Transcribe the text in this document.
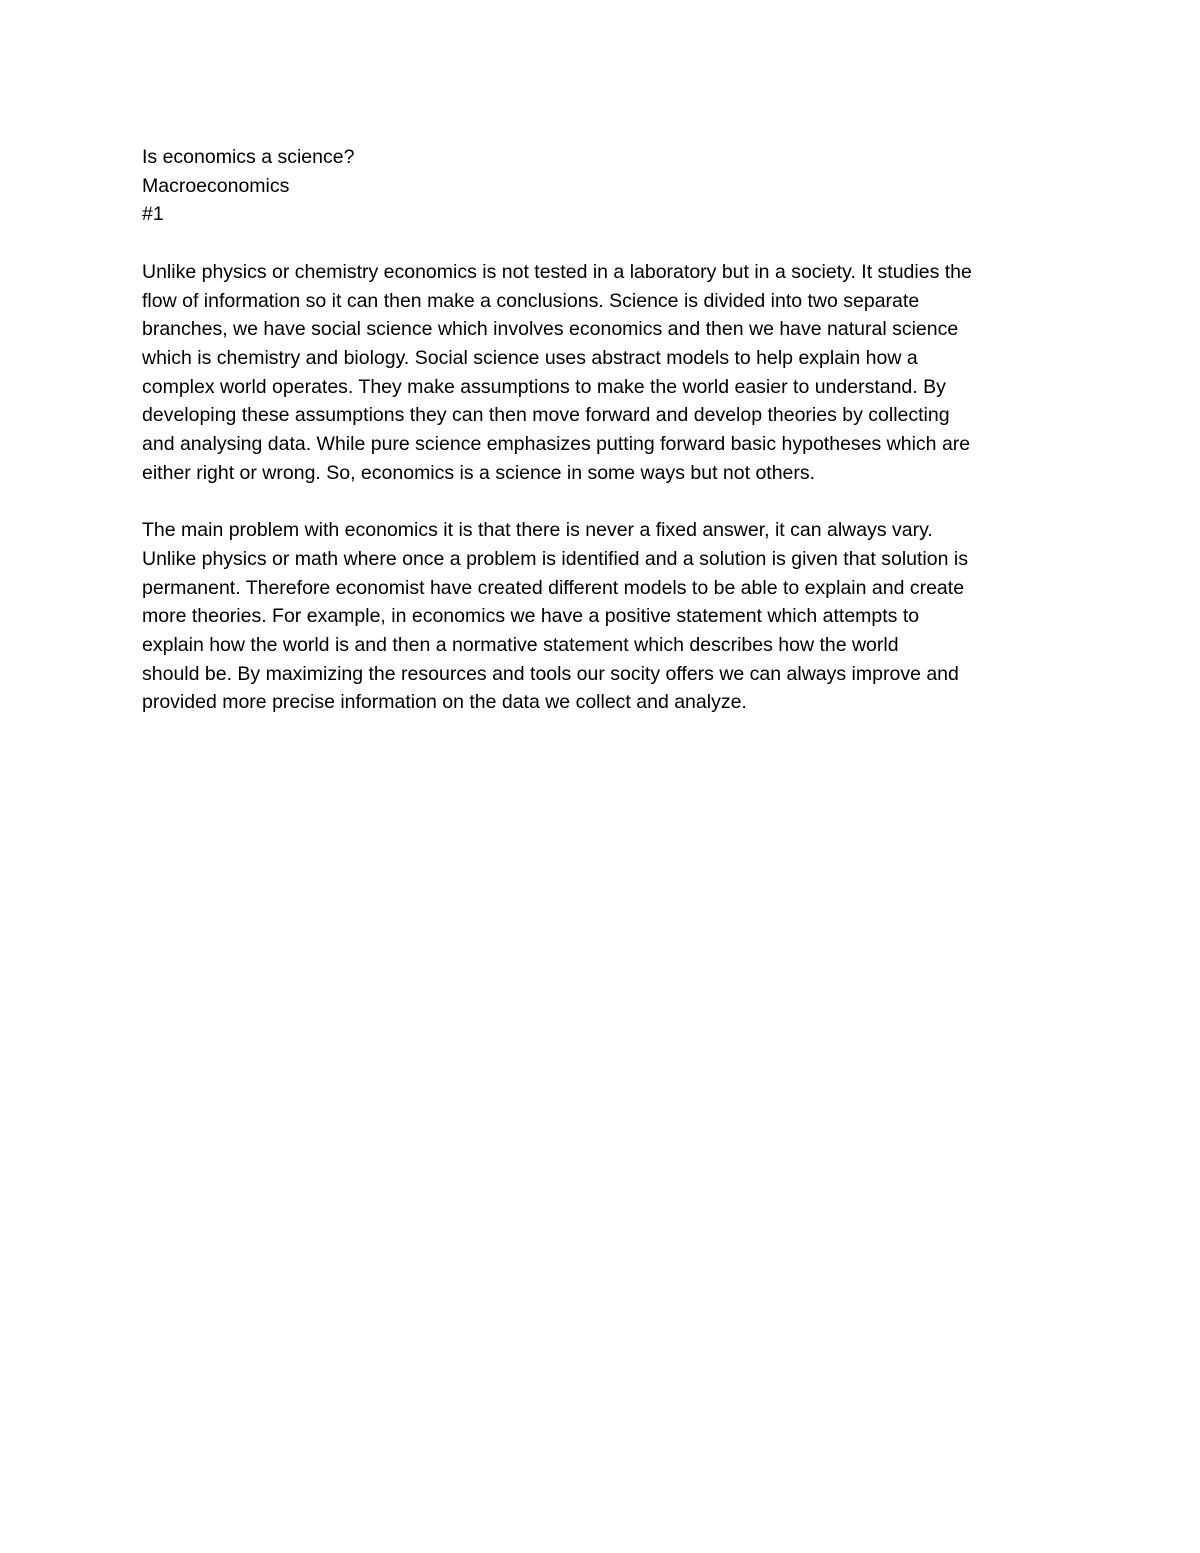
Is economics a science?
Macroeconomics
#1
Unlike physics or chemistry economics is not tested in a laboratory but in a society. It studies the
flow of information so it can then make a conclusions. Science is divided into two separate
branches, we have social science which involves economics and then we have natural science
which is chemistry and biology. Social science uses abstract models to help explain how a
complex world operates. They make assumptions to make the world easier to understand. By
developing these assumptions they can then move forward and develop theories by collecting
and analysing data. While pure science emphasizes putting forward basic hypotheses which are
either right or wrong. So, economics is a science in some ways but not others.
The main problem with economics it is that there is never a fixed answer, it can always vary.
Unlike physics or math where once a problem is identified and a solution is given that solution is
permanent. Therefore economist have created different models to be able to explain and create
more theories. For example, in economics we have a positive statement which attempts to
explain how the world is and then a normative statement which describes how the world
should be. By maximizing the resources and tools our socity offers we can always improve and
provided more precise information on the data we collect and analyze.
